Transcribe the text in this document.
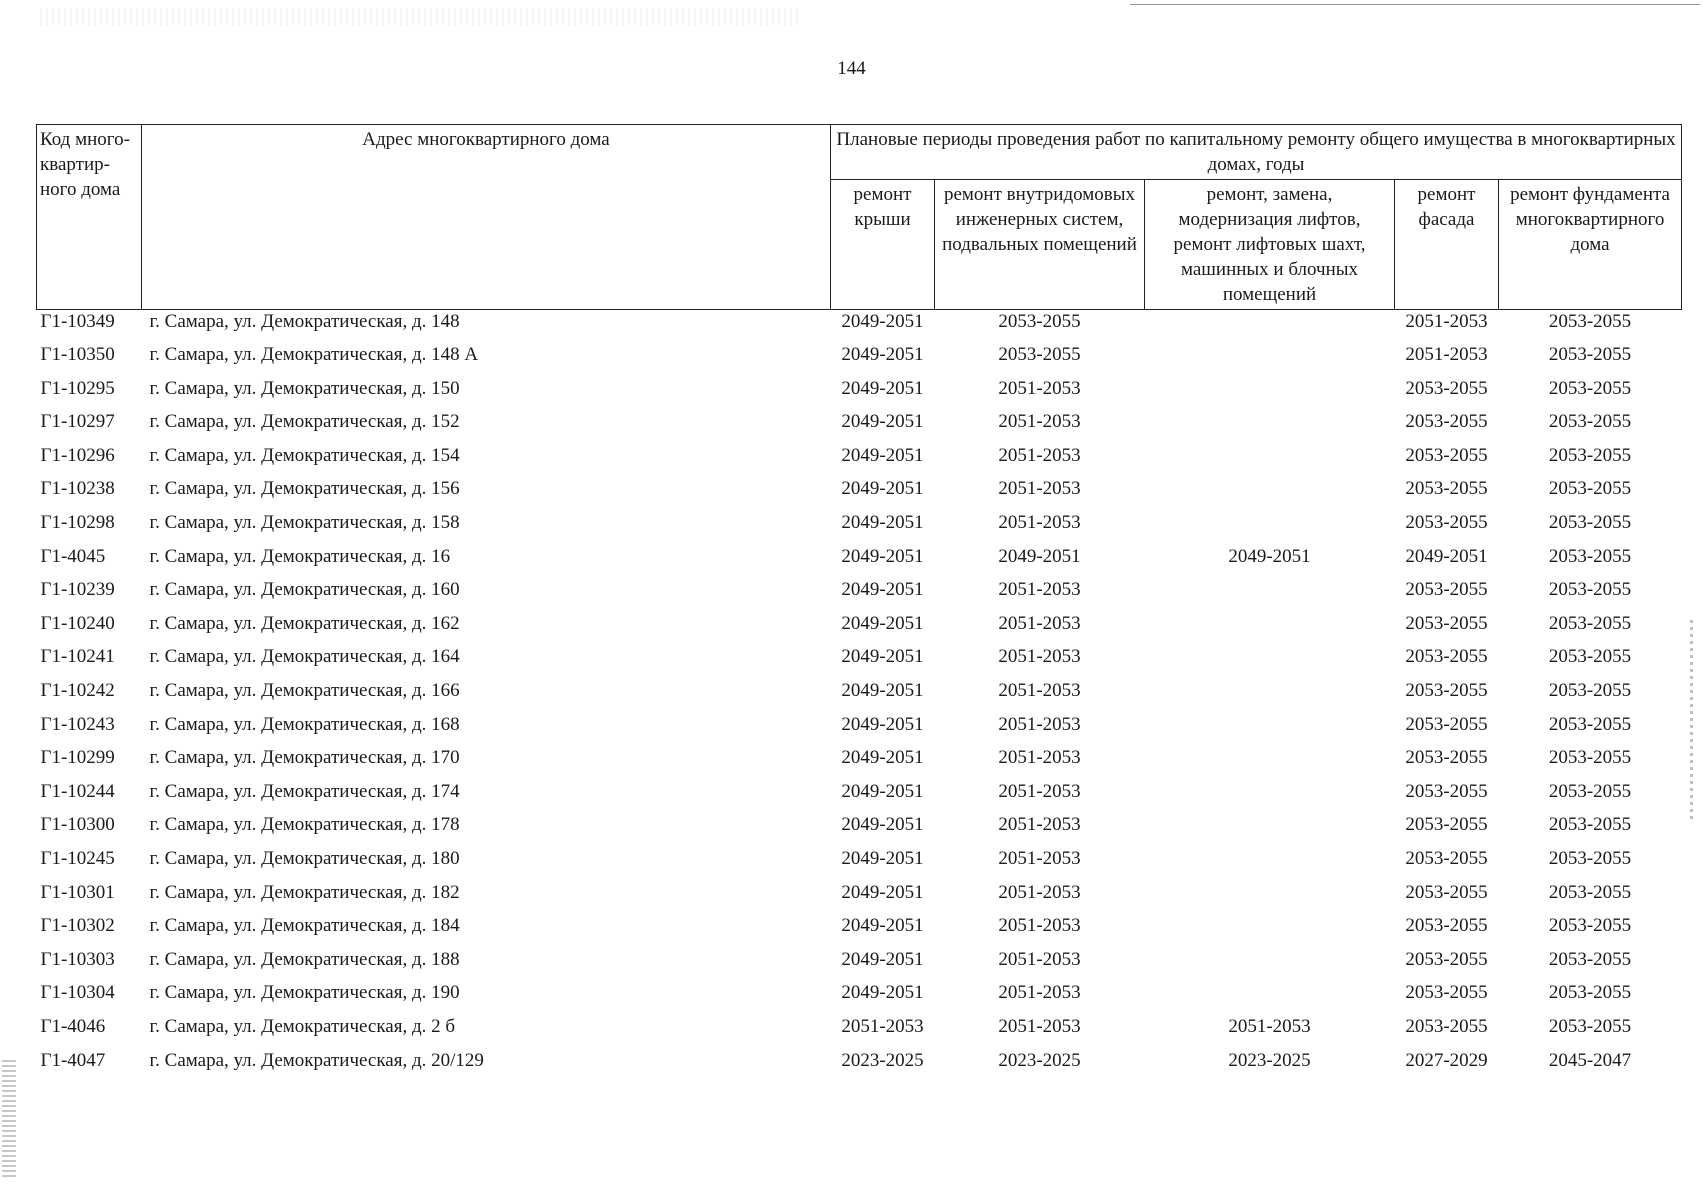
144
Код много-квартир-ного дома	Адрес многоквартирного дома	Плановые периоды проведения работ по капитальному ремонту общего имущества в многоквартирных домах, годы				
		ремонт крыши	ремонт внутридомовых инженерных систем, подвальных помещений	ремонт, замена, модернизация лифтов, ремонт лифтовых шахт, машинных и блочных помещений	ремонт фасада	ремонт фундамента многоквартирного дома
Г1-10349	г. Самара, ул. Демократическая, д. 148	2049-2051	2053-2055		2051-2053	2053-2055
Г1-10350	г. Самара, ул. Демократическая, д. 148 А	2049-2051	2053-2055		2051-2053	2053-2055
Г1-10295	г. Самара, ул. Демократическая, д. 150	2049-2051	2051-2053		2053-2055	2053-2055
Г1-10297	г. Самара, ул. Демократическая, д. 152	2049-2051	2051-2053		2053-2055	2053-2055
Г1-10296	г. Самара, ул. Демократическая, д. 154	2049-2051	2051-2053		2053-2055	2053-2055
Г1-10238	г. Самара, ул. Демократическая, д. 156	2049-2051	2051-2053		2053-2055	2053-2055
Г1-10298	г. Самара, ул. Демократическая, д. 158	2049-2051	2051-2053		2053-2055	2053-2055
Г1-4045	г. Самара, ул. Демократическая, д. 16	2049-2051	2049-2051	2049-2051	2049-2051	2053-2055
Г1-10239	г. Самара, ул. Демократическая, д. 160	2049-2051	2051-2053		2053-2055	2053-2055
Г1-10240	г. Самара, ул. Демократическая, д. 162	2049-2051	2051-2053		2053-2055	2053-2055
Г1-10241	г. Самара, ул. Демократическая, д. 164	2049-2051	2051-2053		2053-2055	2053-2055
Г1-10242	г. Самара, ул. Демократическая, д. 166	2049-2051	2051-2053		2053-2055	2053-2055
Г1-10243	г. Самара, ул. Демократическая, д. 168	2049-2051	2051-2053		2053-2055	2053-2055
Г1-10299	г. Самара, ул. Демократическая, д. 170	2049-2051	2051-2053		2053-2055	2053-2055
Г1-10244	г. Самара, ул. Демократическая, д. 174	2049-2051	2051-2053		2053-2055	2053-2055
Г1-10300	г. Самара, ул. Демократическая, д. 178	2049-2051	2051-2053		2053-2055	2053-2055
Г1-10245	г. Самара, ул. Демократическая, д. 180	2049-2051	2051-2053		2053-2055	2053-2055
Г1-10301	г. Самара, ул. Демократическая, д. 182	2049-2051	2051-2053		2053-2055	2053-2055
Г1-10302	г. Самара, ул. Демократическая, д. 184	2049-2051	2051-2053		2053-2055	2053-2055
Г1-10303	г. Самара, ул. Демократическая, д. 188	2049-2051	2051-2053		2053-2055	2053-2055
Г1-10304	г. Самара, ул. Демократическая, д. 190	2049-2051	2051-2053		2053-2055	2053-2055
Г1-4046	г. Самара, ул. Демократическая, д. 2 б	2051-2053	2051-2053	2051-2053	2053-2055	2053-2055
Г1-4047	г. Самара, ул. Демократическая, д. 20/129	2023-2025	2023-2025	2023-2025	2027-2029	2045-2047
